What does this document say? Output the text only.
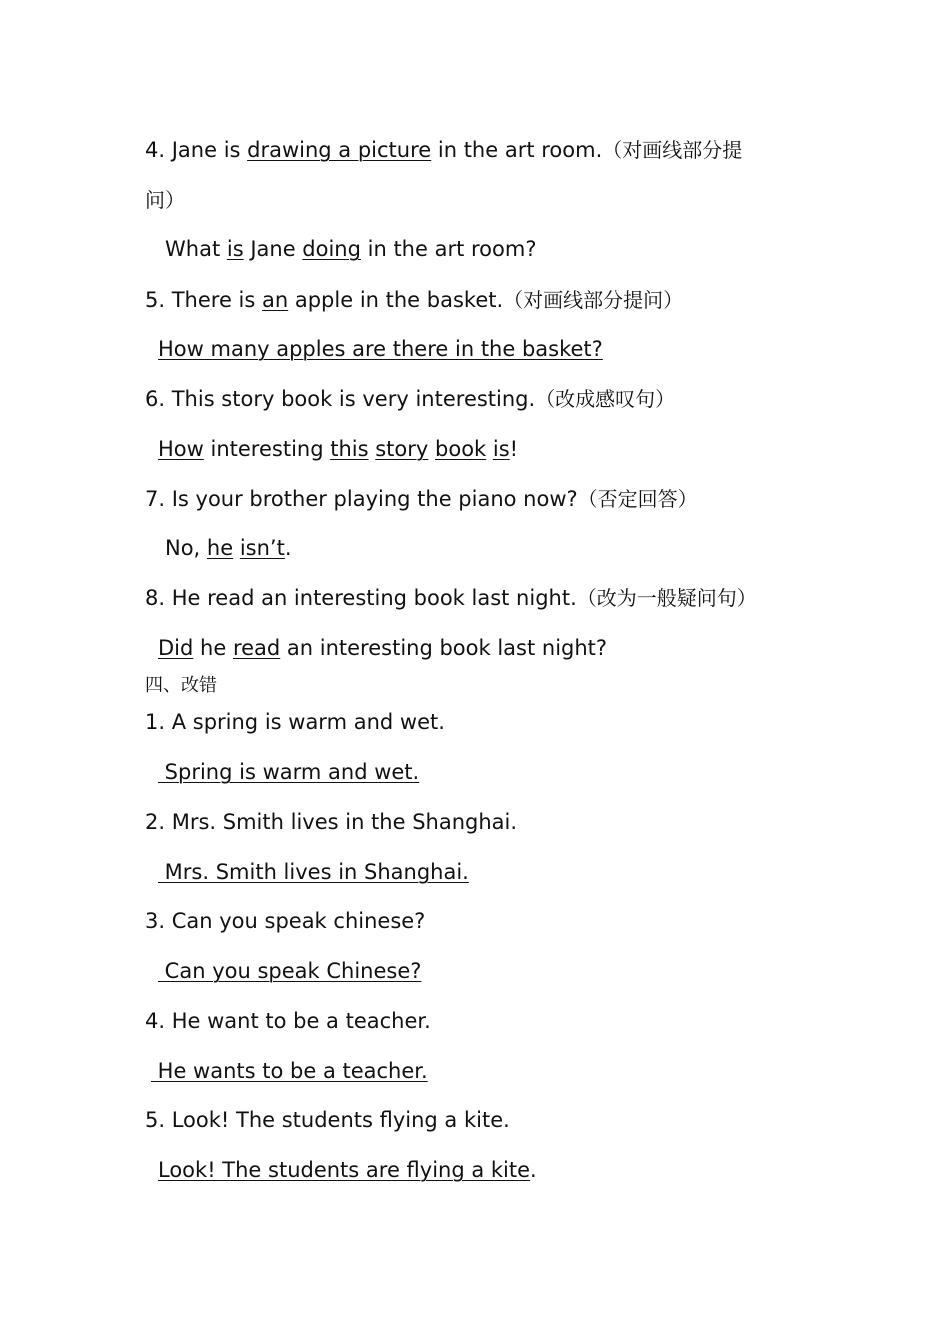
4. Jane is drawing a picture in the art room.（对画线部分提
问）
What is Jane doing in the art room?
5. There is an apple in the basket.（对画线部分提问）
How many apples are there in the basket?
6. This story book is very interesting.（改成感叹句）
How interesting this story book is!
7. Is your brother playing the piano now?（否定回答）
No, he isn’t.
8. He read an interesting book last night.（改为一般疑问句）
Did he read an interesting book last night?
四、改错
1. A spring is warm and wet.
Spring is warm and wet.
2. Mrs. Smith lives in the Shanghai.
Mrs. Smith lives in Shanghai.
3. Can you speak chinese?
Can you speak Chinese?
4. He want to be a teacher.
He wants to be a teacher.
5. Look! The students flying a kite.
Look! The students are flying a kite.
